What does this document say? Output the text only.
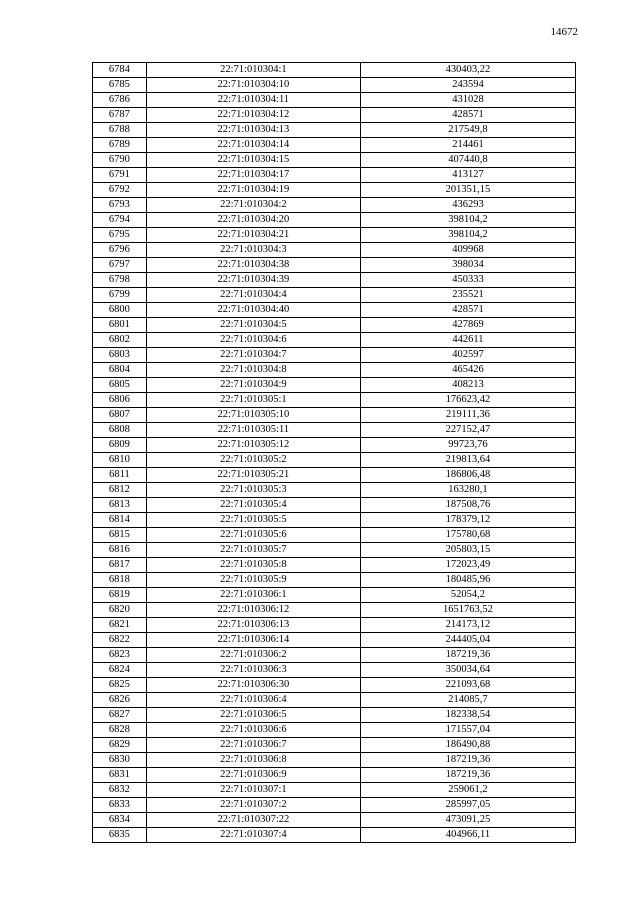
14672
6784	22:71:010304:1	430403,22
6785	22:71:010304:10	243594
6786	22:71:010304:11	431028
6787	22:71:010304:12	428571
6788	22:71:010304:13	217549,8
6789	22:71:010304:14	214461
6790	22:71:010304:15	407440,8
6791	22:71:010304:17	413127
6792	22:71:010304:19	201351,15
6793	22:71:010304:2	436293
6794	22:71:010304:20	398104,2
6795	22:71:010304:21	398104,2
6796	22:71:010304:3	409968
6797	22:71:010304:38	398034
6798	22:71:010304:39	450333
6799	22:71:010304:4	235521
6800	22:71:010304:40	428571
6801	22:71:010304:5	427869
6802	22:71:010304:6	442611
6803	22:71:010304:7	402597
6804	22:71:010304:8	465426
6805	22:71:010304:9	408213
6806	22:71:010305:1	176623,42
6807	22:71:010305:10	219111,36
6808	22:71:010305:11	227152,47
6809	22:71:010305:12	99723,76
6810	22:71:010305:2	219813,64
6811	22:71:010305:21	186806,48
6812	22:71:010305:3	163280,1
6813	22:71:010305:4	187508,76
6814	22:71:010305:5	178379,12
6815	22:71:010305:6	175780,68
6816	22:71:010305:7	205803,15
6817	22:71:010305:8	172023,49
6818	22:71:010305:9	180485,96
6819	22:71:010306:1	52054,2
6820	22:71:010306:12	1651763,52
6821	22:71:010306:13	214173,12
6822	22:71:010306:14	244405,04
6823	22:71:010306:2	187219,36
6824	22:71:010306:3	350034,64
6825	22:71:010306:30	221093,68
6826	22:71:010306:4	214085,7
6827	22:71:010306:5	182338,54
6828	22:71:010306:6	171557,04
6829	22:71:010306:7	186490,88
6830	22:71:010306:8	187219,36
6831	22:71:010306:9	187219,36
6832	22:71:010307:1	259061,2
6833	22:71:010307:2	285997,05
6834	22:71:010307:22	473091,25
6835	22:71:010307:4	404966,11
